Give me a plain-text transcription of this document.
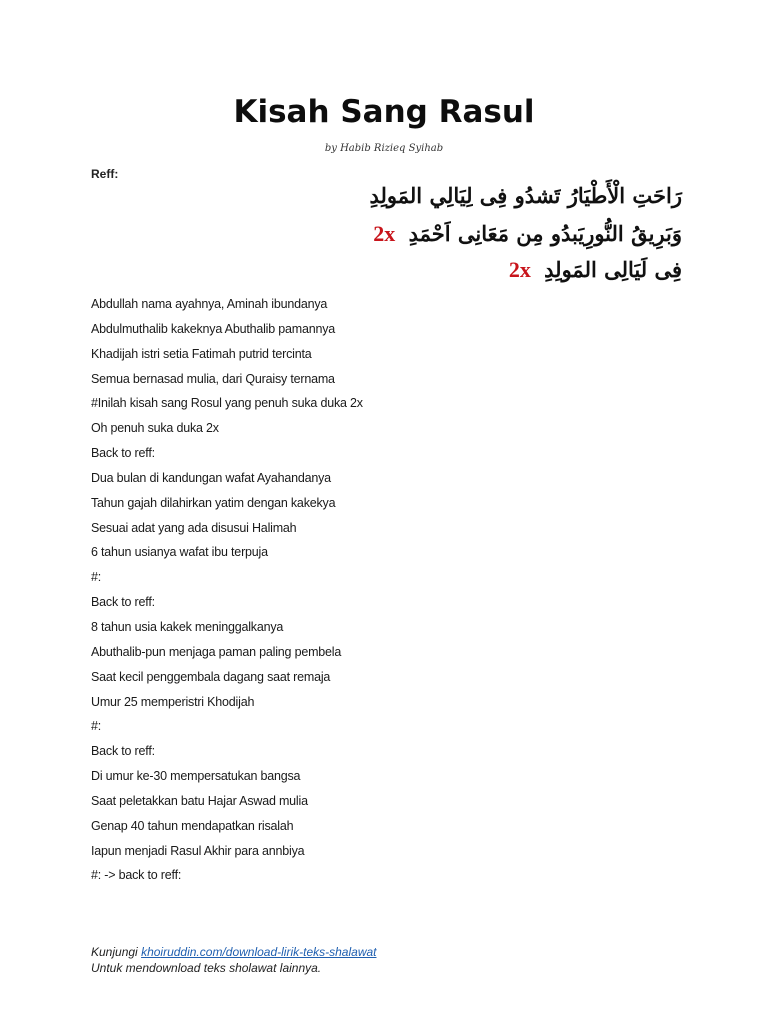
Kisah Sang Rasul
by Habib Rizieq Syihab
Reff:
رَاحَتِ الْأَطْيَارُ تَشدُو فِى لِيَالِي المَولِدِ
وَبَرِيقُ النُّورِيَبدُو مِن مَعَانِى اَحْمَدِ 2x
فِى لَيَالِى المَولِدِ 2x
Abdullah nama ayahnya, Aminah ibundanya
Abdulmuthalib kakeknya Abuthalib pamannya
Khadijah istri setia Fatimah putrid tercinta
Semua bernasad mulia, dari Quraisy ternama
#Inilah kisah sang Rosul yang penuh suka duka 2x
Oh penuh suka duka 2x
Back to reff:
Dua bulan di kandungan wafat Ayahandanya
Tahun gajah dilahirkan yatim dengan kakekya
Sesuai adat yang ada disusui Halimah
6 tahun usianya wafat ibu terpuja
#:
Back to reff:
8 tahun usia kakek meninggalkanya
Abuthalib-pun menjaga paman paling pembela
Saat kecil penggembala dagang saat remaja
Umur 25 memperistri Khodijah
#:
Back to reff:
Di umur ke-30 mempersatukan bangsa
Saat peletakkan batu Hajar Aswad mulia
Genap 40 tahun mendapatkan risalah
Iapun menjadi Rasul Akhir para annbiya
#: -> back to reff:
Kunjungi khoiruddin.com/download-lirik-teks-shalawat
Untuk mendownload teks sholawat lainnya.
